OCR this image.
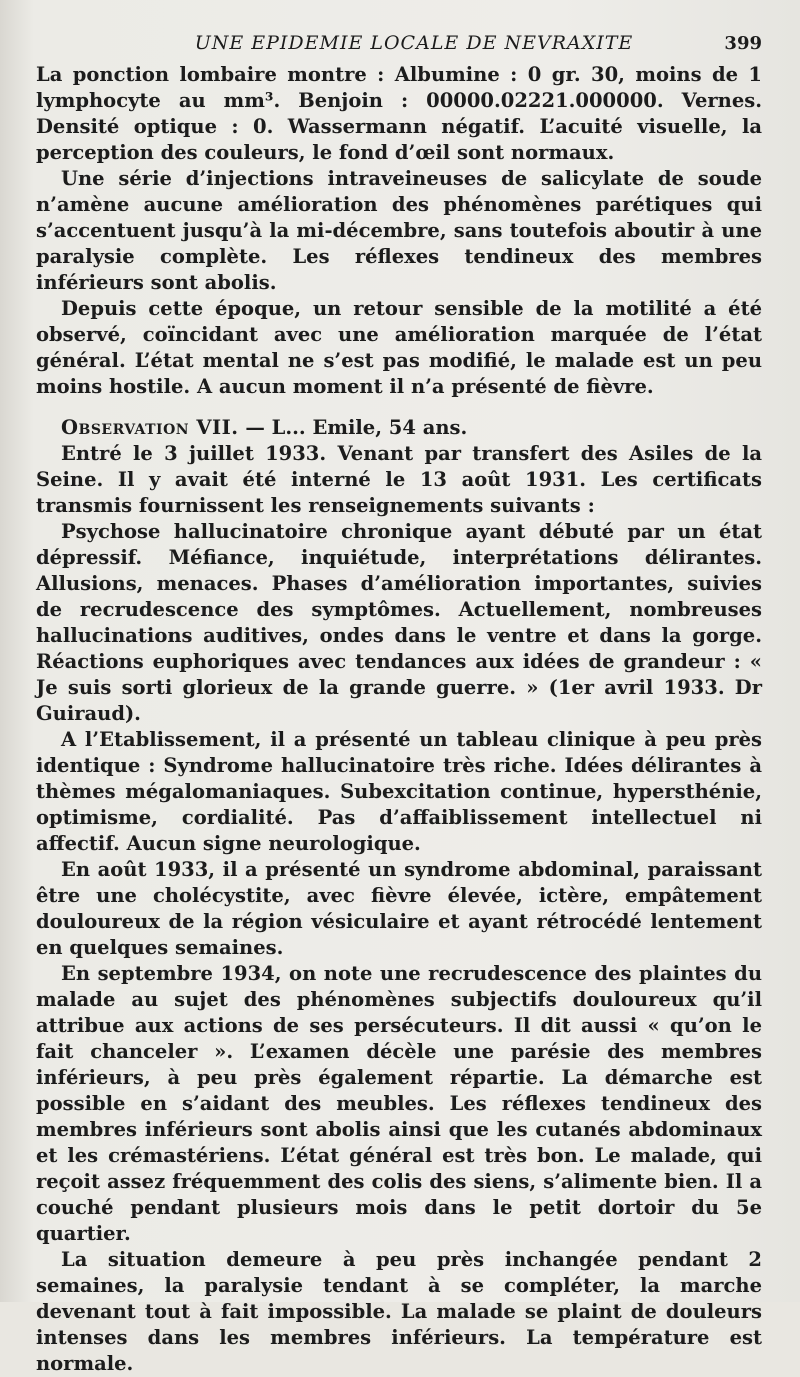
UNE EPIDEMIE LOCALE DE NEVRAXITE	399

La ponction lombaire montre : Albumine : 0 gr. 30, moins de 1 lymphocyte au mm³. Benjoin : 00000.02221.000000. Vernes. Densité optique : 0. Wassermann négatif. L’acuité visuelle, la perception des couleurs, le fond d’œil sont normaux.

Une série d’injections intraveineuses de salicylate de soude n’amène aucune amélioration des phénomènes parétiques qui s’accentuent jusqu’à la mi-décembre, sans toutefois aboutir à une paralysie complète. Les réflexes tendineux des membres inférieurs sont abolis.

Depuis cette époque, un retour sensible de la motilité a été observé, coïncidant avec une amélioration marquée de l’état général. L’état mental ne s’est pas modifié, le malade est un peu moins hostile. A aucun moment il n’a présenté de fièvre.

Observation VII. — L... Emile, 54 ans.

Entré le 3 juillet 1933. Venant par transfert des Asiles de la Seine. Il y avait été interné le 13 août 1931. Les certificats transmis fournissent les renseignements suivants :

Psychose hallucinatoire chronique ayant débuté par un état dépressif. Méfiance, inquiétude, interprétations délirantes. Allusions, menaces. Phases d’amélioration importantes, suivies de recrudescence des symptômes. Actuellement, nombreuses hallucinations auditives, ondes dans le ventre et dans la gorge. Réactions euphoriques avec tendances aux idées de grandeur : « Je suis sorti glorieux de la grande guerre. » (1er avril 1933. Dr Guiraud).

A l’Etablissement, il a présenté un tableau clinique à peu près identique : Syndrome hallucinatoire très riche. Idées délirantes à thèmes mégalomaniaques. Subexcitation continue, hypersthénie, optimisme, cordialité. Pas d’affaiblissement intellectuel ni affectif. Aucun signe neurologique.

En août 1933, il a présenté un syndrome abdominal, paraissant être une cholécystite, avec fièvre élevée, ictère, empâtement douloureux de la région vésiculaire et ayant rétrocédé lentement en quelques semaines.

En septembre 1934, on note une recrudescence des plaintes du malade au sujet des phénomènes subjectifs douloureux qu’il attribue aux actions de ses persécuteurs. Il dit aussi « qu’on le fait chanceler ». L’examen décèle une parésie des membres inférieurs, à peu près également répartie. La démarche est possible en s’aidant des meubles. Les réflexes tendineux des membres inférieurs sont abolis ainsi que les cutanés abdominaux et les crémastériens. L’état général est très bon. Le malade, qui reçoit assez fréquemment des colis des siens, s’alimente bien. Il a couché pendant plusieurs mois dans le petit dortoir du 5e quartier.

La situation demeure à peu près inchangée pendant 2 semaines, la paralysie tendant à se compléter, la marche devenant tout à fait impossible. La malade se plaint de douleurs intenses dans les membres inférieurs. La température est normale.
